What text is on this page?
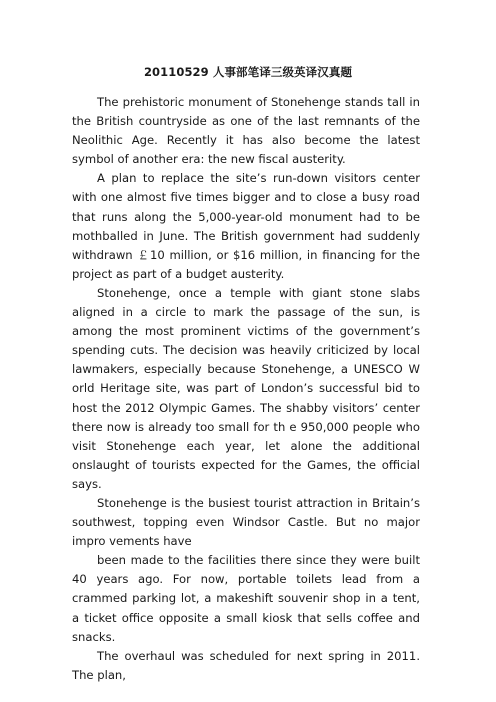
20110529 人事部笔译三级英译汉真题

The prehistoric monument of Stonehenge stands tall in the British countryside as one of the last remnants of the Neolithic Age. Recently it has also become the latest symbol of another era: the new fiscal austerity.

A plan to replace the site’s run-down visitors center with one almost five times bigger and to close a busy road that runs along the 5,000-year-old monument had to be mothballed in June. The British government had suddenly withdrawn ￡10 million, or $16 million, in financing for the project as part of a budget austerity.

Stonehenge, once a temple with giant stone slabs aligned in a circle to mark the passage of the sun, is among the most prominent victims of the government’s spending cuts. The decision was heavily criticized by local lawmakers, especially because Stonehenge, a UNESCO W orld Heritage site, was part of London’s successful bid to host the 2012 Olympic Games. The shabby visitors’ center there now is already too small for th e 950,000 people who visit Stonehenge each year, let alone the additional onslaught of tourists expected for the Games, the official says.

Stonehenge is the busiest tourist attraction in Britain’s southwest, topping even Windsor Castle. But no major impro vements have

been made to the facilities there since they were built 40 years ago. For now, portable toilets lead from a crammed parking lot, a makeshift souvenir shop in a tent, a ticket office opposite a small kiosk that sells coffee and snacks.

The overhaul was scheduled for next spring in 2011. The plan,
